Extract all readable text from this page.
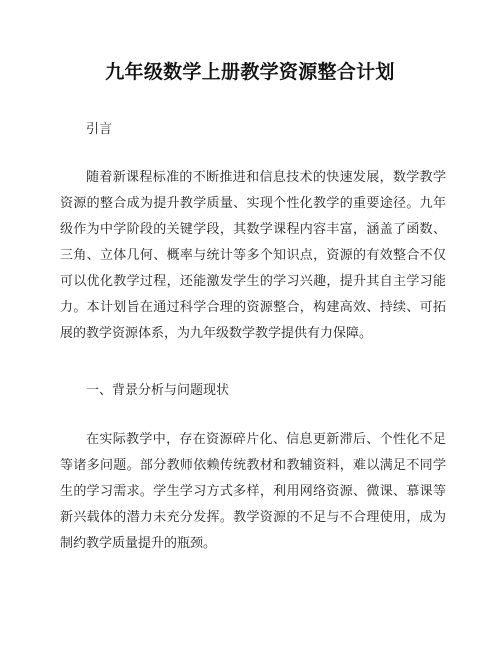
九年级数学上册教学资源整合计划

引言

随着新课程标准的不断推进和信息技术的快速发展，数学教学资源的整合成为提升教学质量、实现个性化教学的重要途径。九年级作为中学阶段的关键学段，其数学课程内容丰富，涵盖了函数、三角、立体几何、概率与统计等多个知识点，资源的有效整合不仅可以优化教学过程，还能激发学生的学习兴趣，提升其自主学习能力。本计划旨在通过科学合理的资源整合，构建高效、持续、可拓展的教学资源体系，为九年级数学教学提供有力保障。

一、背景分析与问题现状

在实际教学中，存在资源碎片化、信息更新滞后、个性化不足等诸多问题。部分教师依赖传统教材和教辅资料，难以满足不同学生的学习需求。学生学习方式多样，利用网络资源、微课、慕课等新兴载体的潜力未充分发挥。教学资源的不足与不合理使用，成为制约教学质量提升的瓶颈。
